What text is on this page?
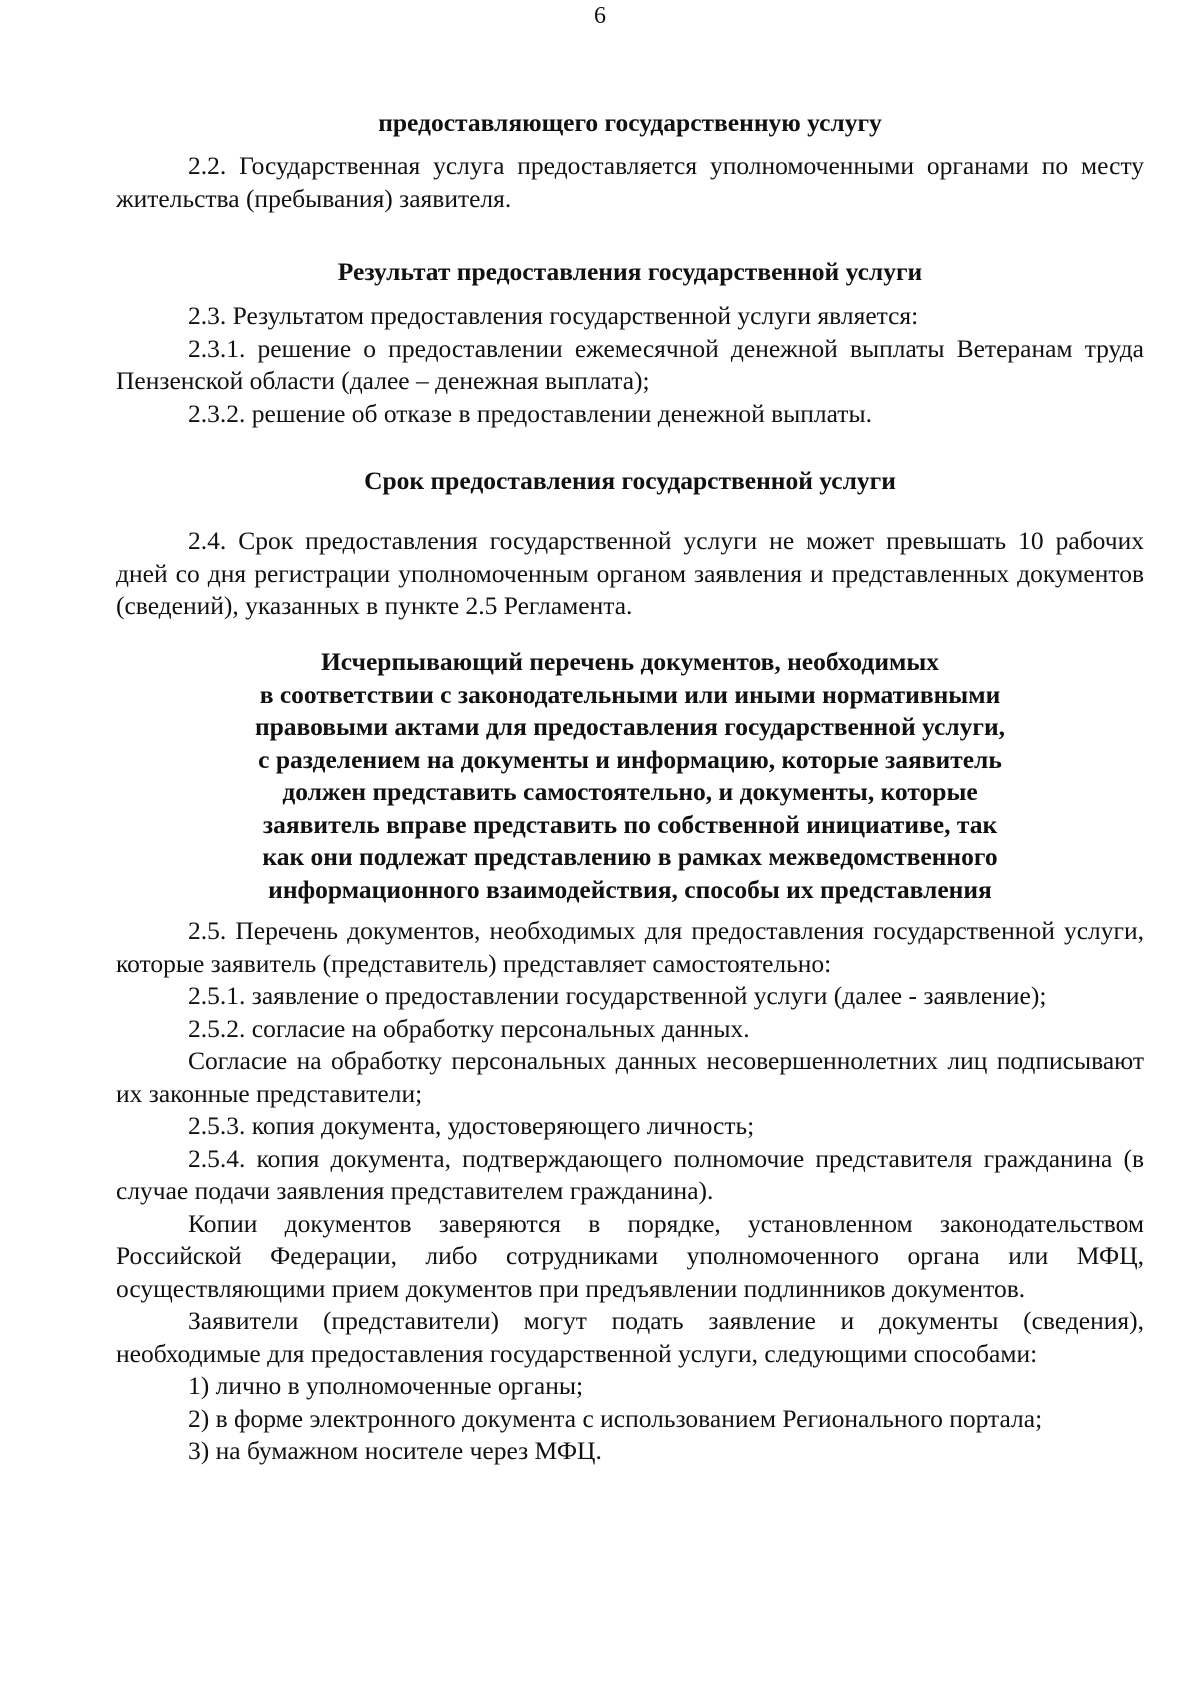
6
предоставляющего государственную услугу

2.2. Государственная услуга предоставляется уполномоченными органами по месту жительства (пребывания) заявителя.

Результат предоставления государственной услуги

2.3. Результатом предоставления государственной услуги является:

2.3.1. решение о предоставлении ежемесячной денежной выплаты Ветеранам труда Пензенской области (далее – денежная выплата);

2.3.2. решение об отказе в предоставлении денежной выплаты.

Срок предоставления государственной услуги

2.4. Срок предоставления государственной услуги не может превышать 10 рабочих дней со дня регистрации уполномоченным органом заявления и представленных документов (сведений), указанных в пункте 2.5 Регламента.

Исчерпывающий перечень документов, необходимых
в соответствии с законодательными или иными нормативными
правовыми актами для предоставления государственной услуги,
с разделением на документы и информацию, которые заявитель
должен представить самостоятельно, и документы, которые
заявитель вправе представить по собственной инициативе, так
как они подлежат представлению в рамках межведомственного
информационного взаимодействия, способы их представления

2.5. Перечень документов, необходимых для предоставления государственной услуги, которые заявитель (представитель) представляет самостоятельно:

2.5.1. заявление о предоставлении государственной услуги (далее - заявление);

2.5.2. согласие на обработку персональных данных.

Согласие на обработку персональных данных несовершеннолетних лиц подписывают их законные представители;

2.5.3. копия документа, удостоверяющего личность;

2.5.4. копия документа, подтверждающего полномочие представителя гражданина (в случае подачи заявления представителем гражданина).

Копии документов заверяются в порядке, установленном законодательством Российской Федерации, либо сотрудниками уполномоченного органа или МФЦ, осуществляющими прием документов при предъявлении подлинников документов.

Заявители (представители) могут подать заявление и документы (сведения), необходимые для предоставления государственной услуги, следующими способами:

1) лично в уполномоченные органы;

2) в форме электронного документа с использованием Регионального портала;

3) на бумажном носителе через МФЦ.
